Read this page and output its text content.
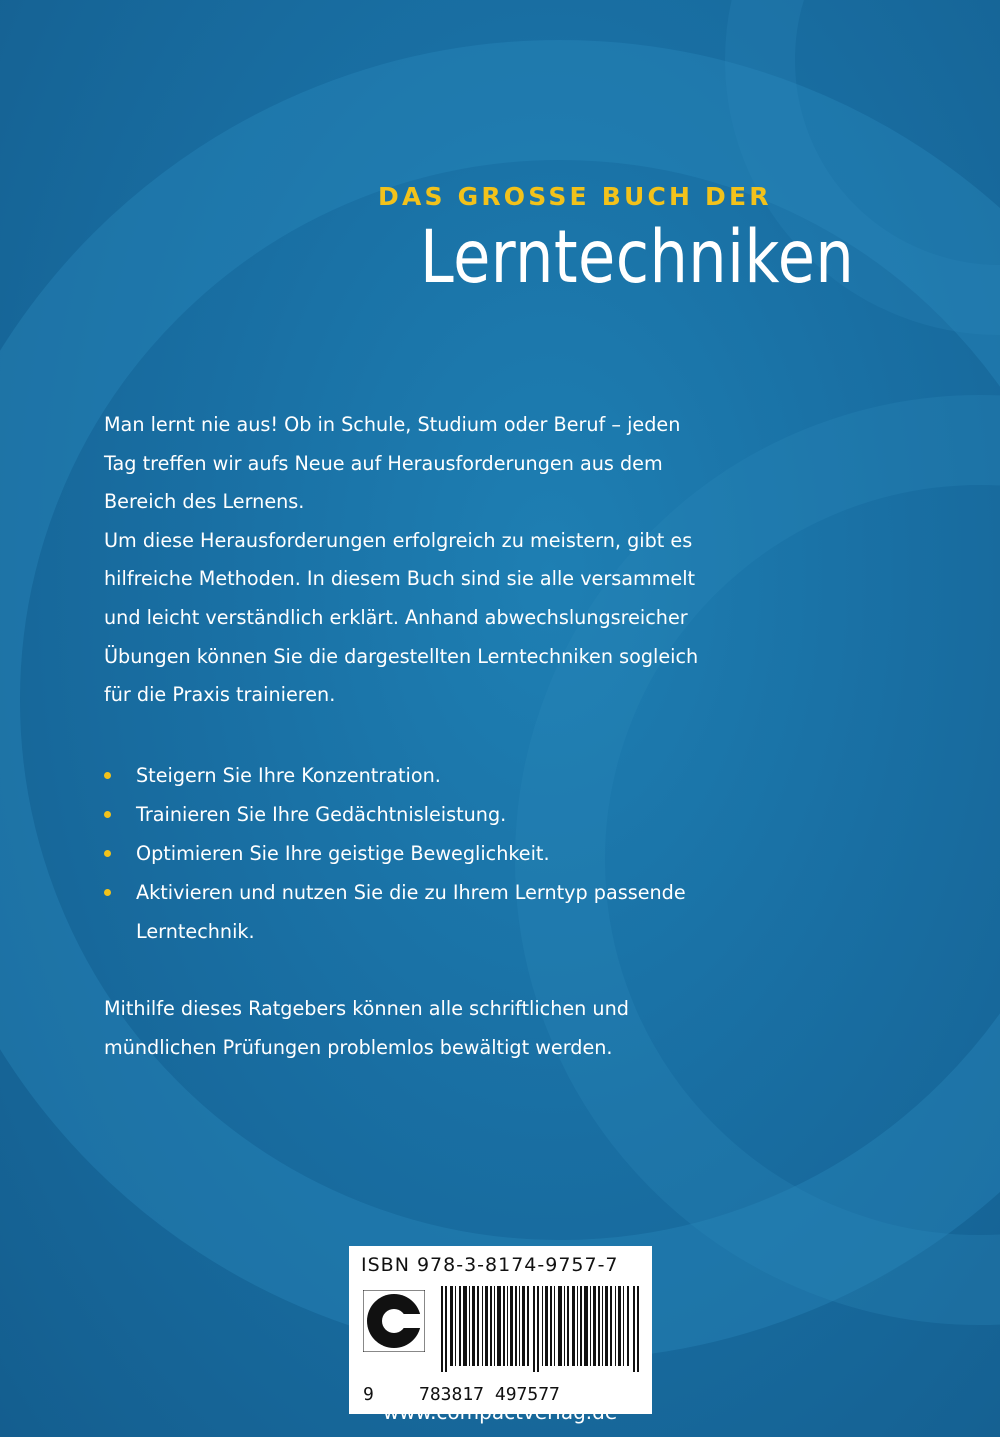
DAS GROSSE BUCH DER
Lerntechniken

Man lernt nie aus! Ob in Schule, Studium oder Beruf – jeden
Tag treffen wir aufs Neue auf Herausforderungen aus dem
Bereich des Lernens.
Um diese Herausforderungen erfolgreich zu meistern, gibt es
hilfreiche Methoden. In diesem Buch sind sie alle versammelt
und leicht verständlich erklärt. Anhand abwechslungsreicher
Übungen können Sie die dargestellten Lerntechniken sogleich
für die Praxis trainieren.

Steigern Sie Ihre Konzentration.
Trainieren Sie Ihre Gedächtnisleistung.
Optimieren Sie Ihre geistige Beweglichkeit.
Aktivieren und nutzen Sie die zu Ihrem Lerntyp passende
Lerntechnik.

Mithilfe dieses Ratgebers können alle schriftlichen und
mündlichen Prüfungen problemlos bewältigt werden.

ISBN 978-3-8174-9757-7
9	783817 497577
www.compactverlag.de
